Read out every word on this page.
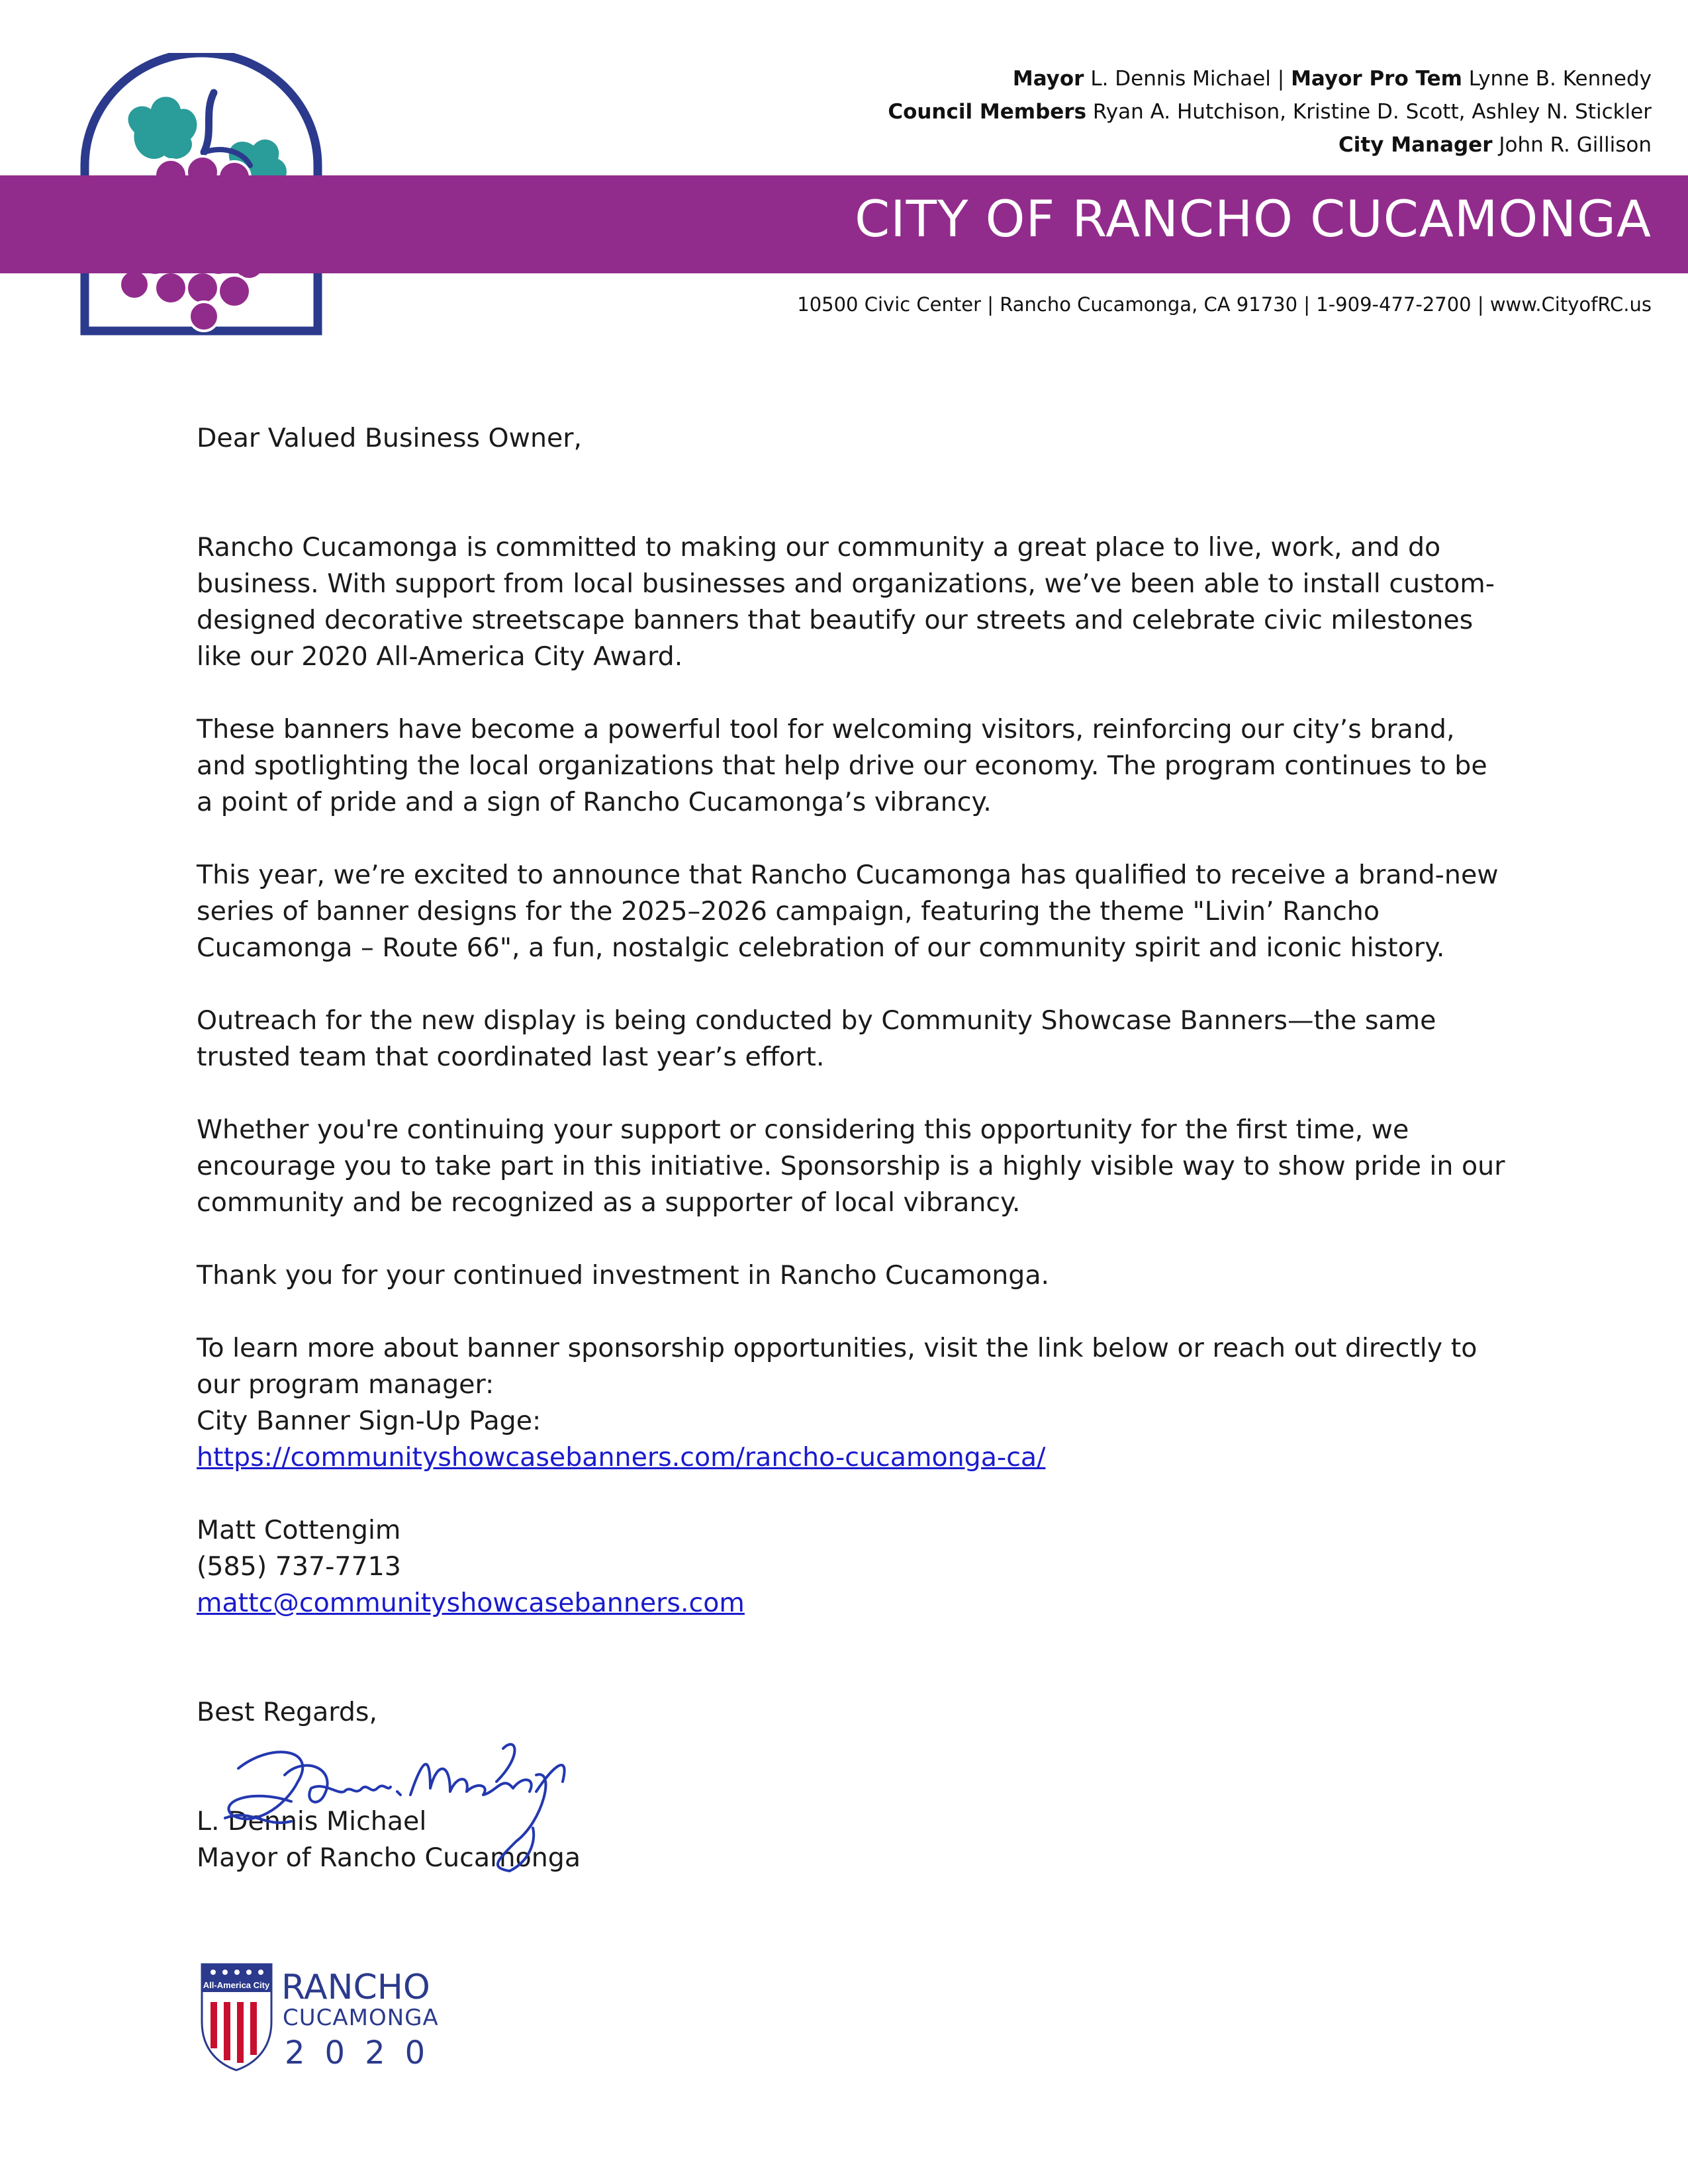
Mayor L. Dennis Michael | Mayor Pro Tem Lynne B. Kennedy
Council Members Ryan A. Hutchison, Kristine D. Scott, Ashley N. Stickler
City Manager John R. Gillison
CITY OF RANCHO CUCAMONGA
10500 Civic Center | Rancho Cucamonga, CA 91730 | 1-909-477-2700 | www.CityofRC.us

Dear Valued Business Owner,

Rancho Cucamonga is committed to making our community a great place to live, work, and do business. With support from local businesses and organizations, we’ve been able to install custom-designed decorative streetscape banners that beautify our streets and celebrate civic milestones like our 2020 All-America City Award.

These banners have become a powerful tool for welcoming visitors, reinforcing our city’s brand, and spotlighting the local organizations that help drive our economy. The program continues to be a point of pride and a sign of Rancho Cucamonga’s vibrancy.

This year, we’re excited to announce that Rancho Cucamonga has qualified to receive a brand-new series of banner designs for the 2025–2026 campaign, featuring the theme "Livin’ Rancho Cucamonga – Route 66", a fun, nostalgic celebration of our community spirit and iconic history.

Outreach for the new display is being conducted by Community Showcase Banners—the same trusted team that coordinated last year’s effort.

Whether you're continuing your support or considering this opportunity for the first time, we encourage you to take part in this initiative. Sponsorship is a highly visible way to show pride in our community and be recognized as a supporter of local vibrancy.

Thank you for your continued investment in Rancho Cucamonga.

To learn more about banner sponsorship opportunities, visit the link below or reach out directly to our program manager:

City Banner Sign-Up Page:

https://communityshowcasebanners.com/rancho-cucamonga-ca/

Matt Cottengim

(585) 737-7713

mattc@communityshowcasebanners.com

Best Regards,

L. Dennis Michael

Mayor of Rancho Cucamonga

All-America City RANCHO
CUCAMONGA
2020
